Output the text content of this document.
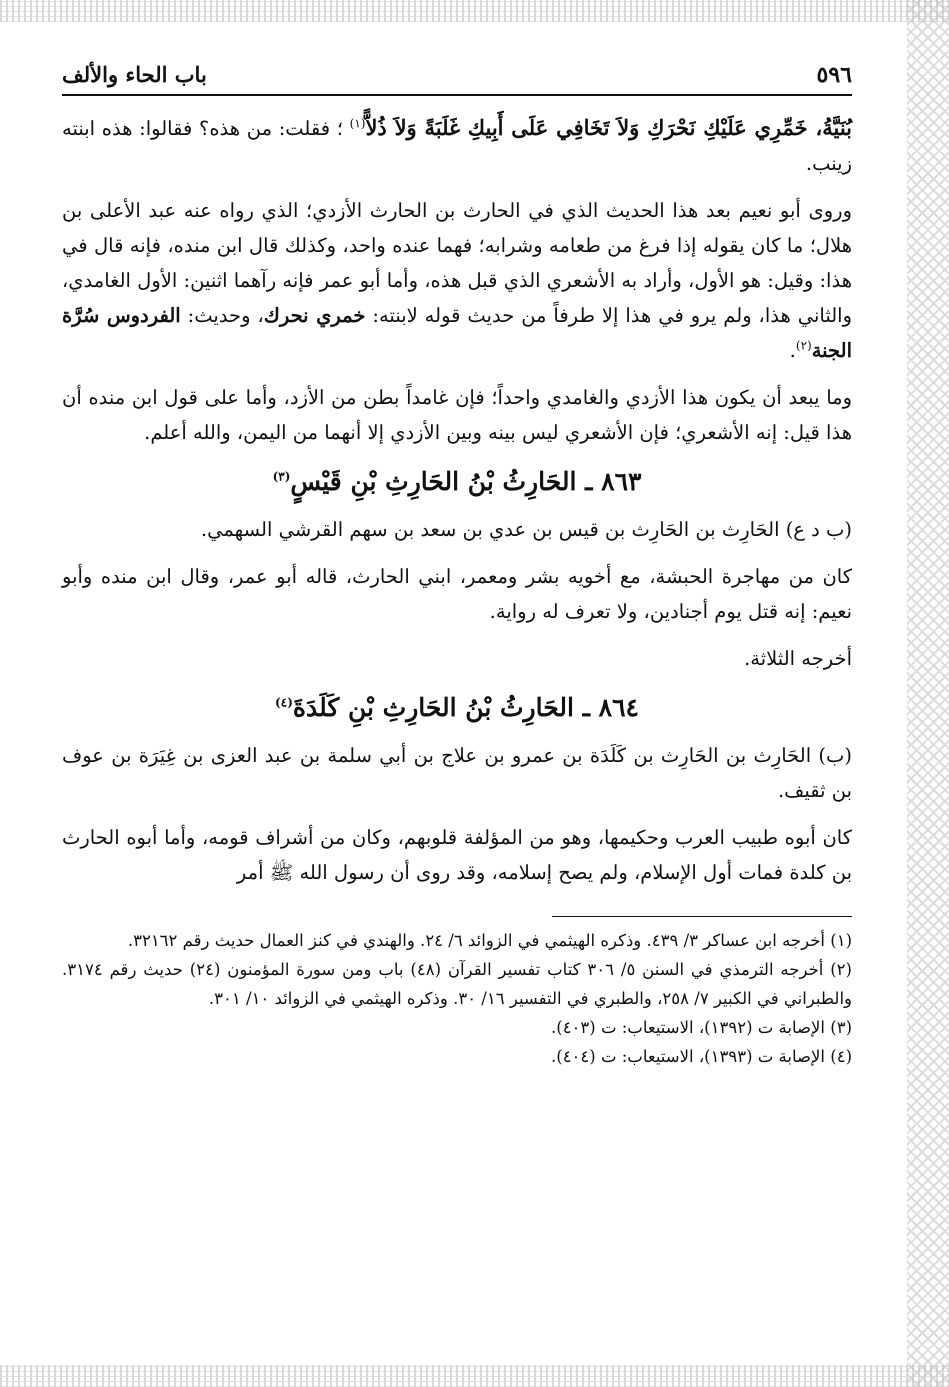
٥٩٦
باب الحاء والألف

بُنَيَّةُ، خَمِّرِي عَلَيْكِ نَحْرَكِ وَلاَ تَخَافِي عَلَى أَبِيكِ غَلَبَةً وَلاَ ذُلاًّ$^{(١)}$ ؛ فقلت: من هذه؟ فقالوا: هذه ابنته زينب.

وروى أبو نعيم بعد هذا الحديث الذي في الحارث بن الحارث الأزدي؛ الذي رواه عنه عبد الأعلى بن هلال؛ ما كان يقوله إذا فرغ من طعامه وشرابه؛ فهما عنده واحد، وكذلك قال ابن منده، فإنه قال في هذا: وقيل: هو الأول، وأراد به الأشعري الذي قبل هذه، وأما أبو عمر فإنه رآهما اثنين: الأول الغامدي، والثاني هذا، ولم يرو في هذا إلا طرفاً من حديث قوله لابنته: خمري نحرك، وحديث: الفردوس سُرَّة الجنة$^{(٢)}$.

وما يبعد أن يكون هذا الأزدي والغامدي واحداً؛ فإن غامداً بطن من الأزد، وأما على قول ابن منده أن هذا قيل: إنه الأشعري؛ فإن الأشعري ليس بينه وبين الأزدي إلا أنهما من اليمن، والله أعلم.

٨٦٣ ـ الحَارِثُ بْنُ الحَارِثِ بْنِ قَيْسٍ$^{(٣)}$

(ب د ع) الحَارِث بن الحَارِث بن قيس بن عدي بن سعد بن سهم القرشي السهمي.

كان من مهاجرة الحبشة، مع أخويه بشر ومعمر، ابني الحارث، قاله أبو عمر، وقال ابن منده وأبو نعيم: إنه قتل يوم أجنادين، ولا تعرف له رواية.

أخرجه الثلاثة.

٨٦٤ ـ الحَارِثُ بْنُ الحَارِثِ بْنِ كَلَدَةَ$^{(٤)}$

(ب) الحَارِث بن الحَارِث بن كَلَدَة بن عمرو بن علاج بن أبي سلمة بن عبد العزى بن غِيَرَة بن عوف بن ثقيف.

كان أبوه طبيب العرب وحكيمها، وهو من المؤلفة قلوبهم، وكان من أشراف قومه، وأما أبوه الحارث بن كلدة فمات أول الإسلام، ولم يصح إسلامه، وقد روى أن رسول الله ﷺ أمر

(١) أخرجه ابن عساكر ٣/ ٤٣٩. وذكره الهيثمي في الزوائد ٦/ ٢٤. والهندي في كنز العمال حديث رقم ٣٢١٦٢.

(٢) أخرجه الترمذي في السنن ٥/ ٣٠٦ كتاب تفسير القرآن (٤٨) باب ومن سورة المؤمنون (٢٤) حديث رقم ٣١٧٤. والطبراني في الكبير ٧/ ٢٥٨، والطبري في التفسير ١٦/ ٣٠. وذكره الهيثمي في الزوائد ١٠/ ٣٠١.

(٣) الإصابة ت (١٣٩٢)، الاستيعاب: ت (٤٠٣).

(٤) الإصابة ت (١٣٩٣)، الاستيعاب: ت (٤٠٤).
